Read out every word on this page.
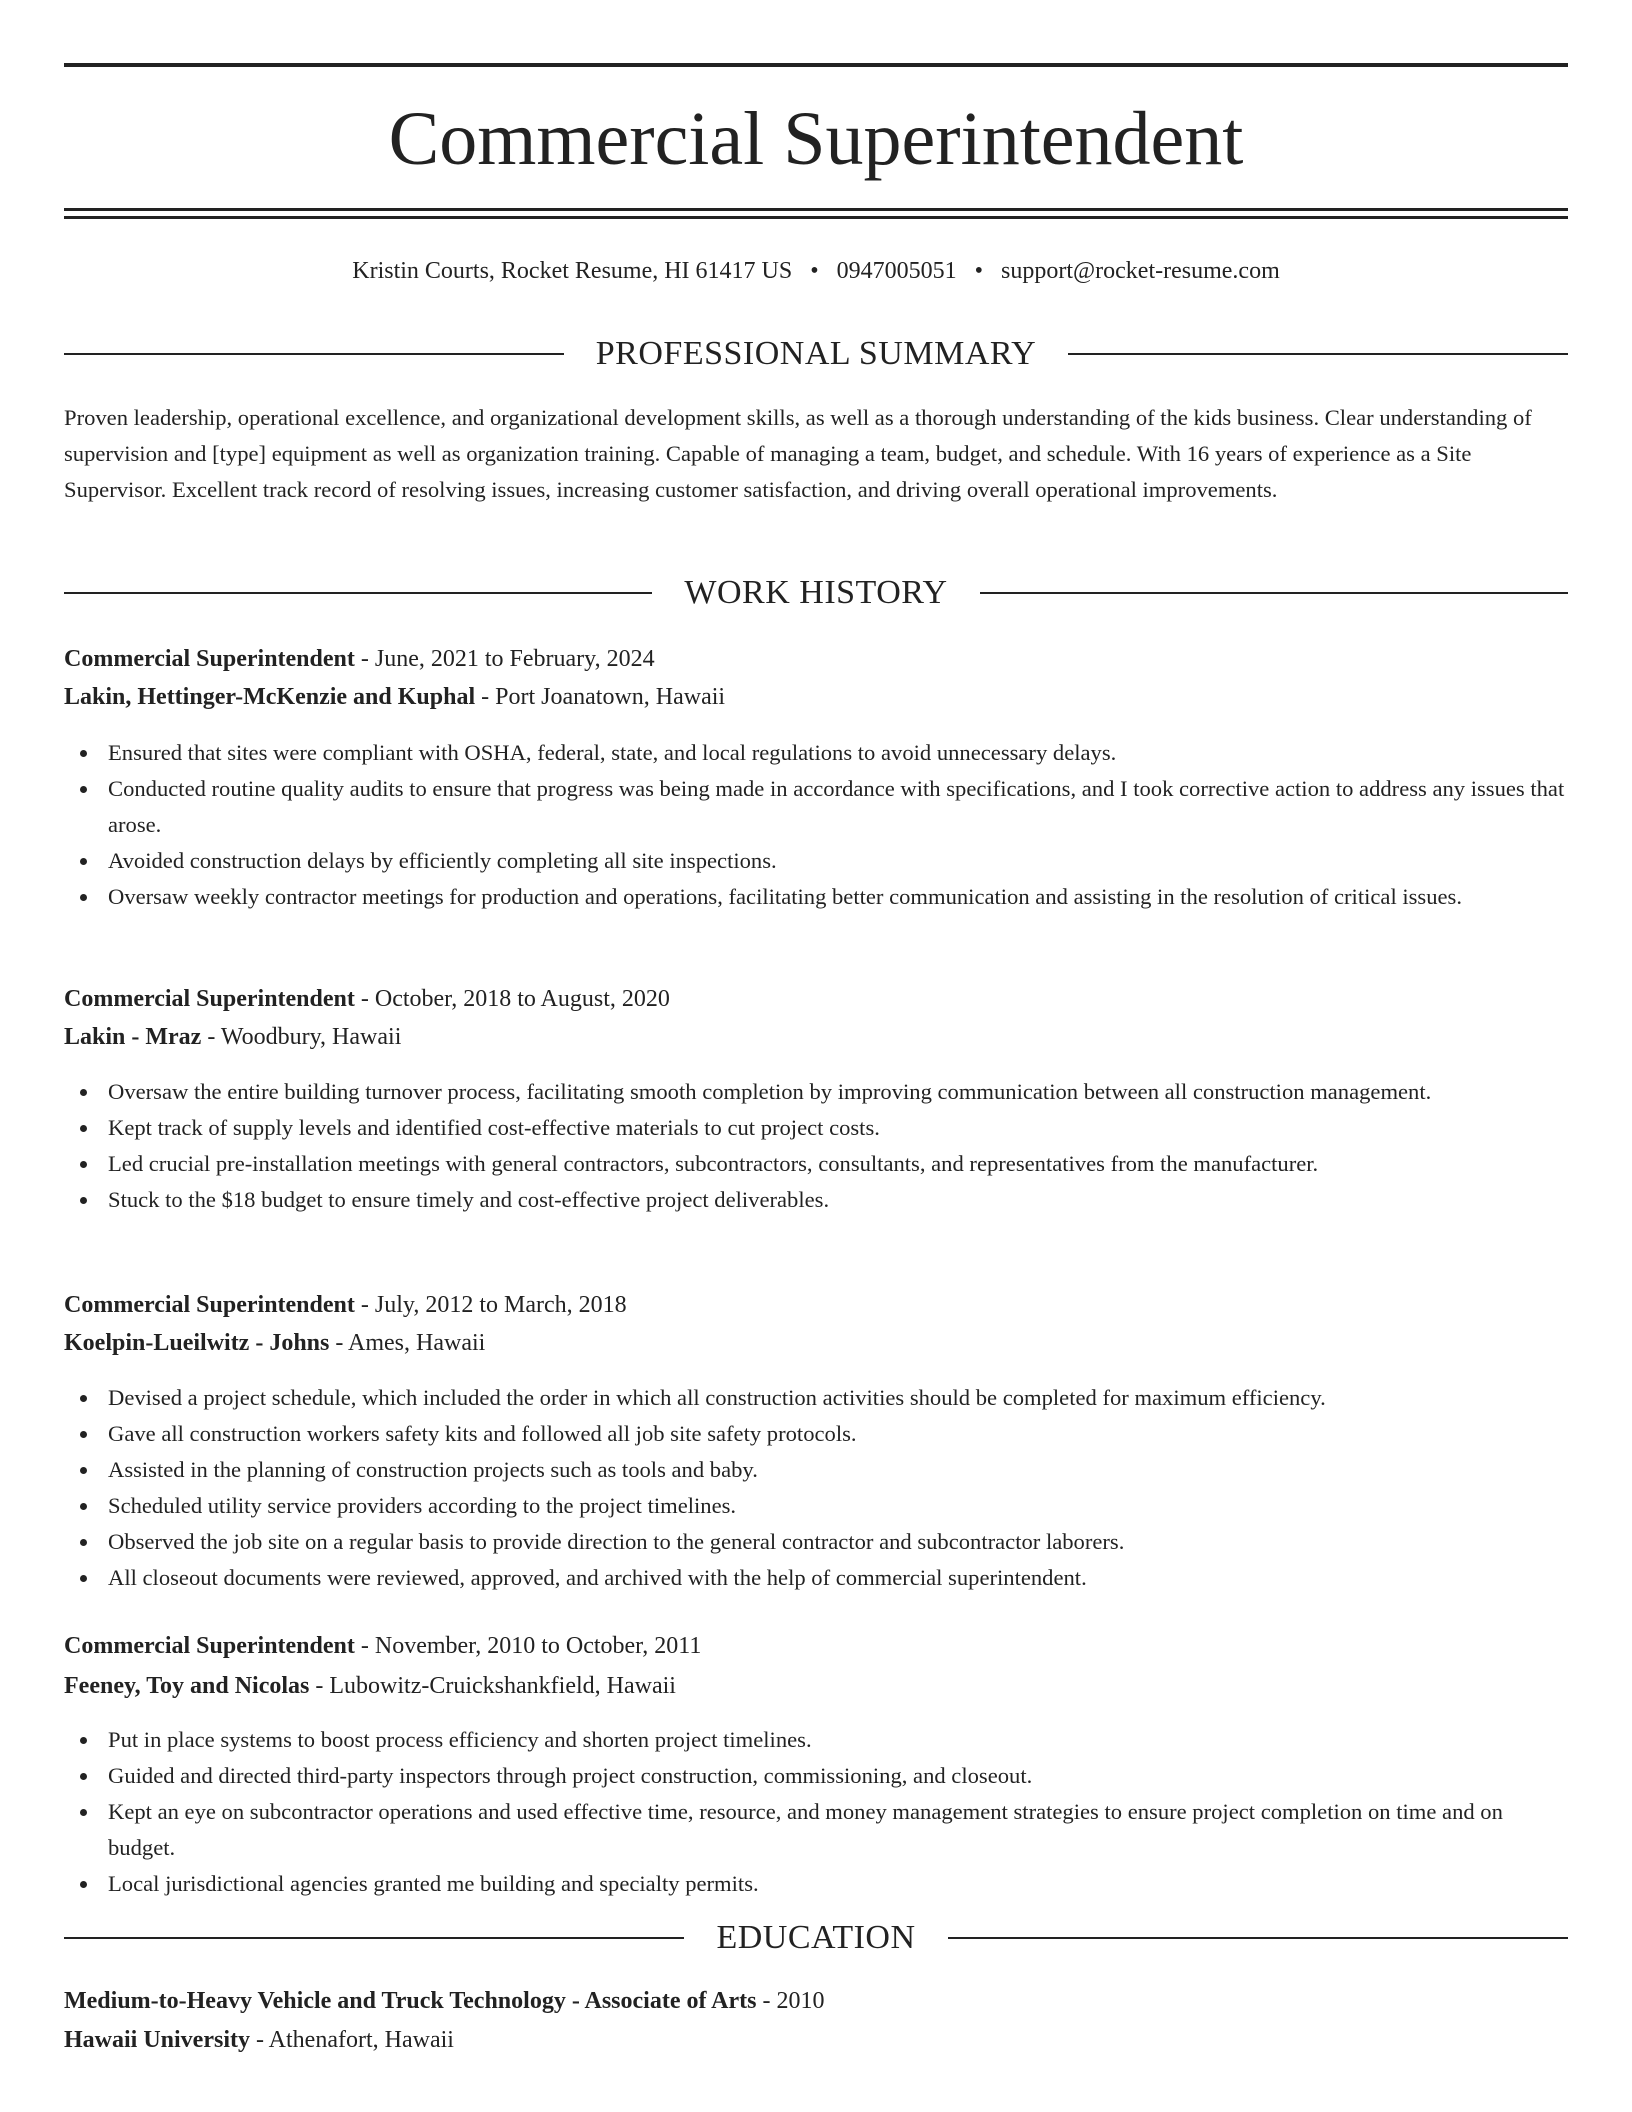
Commercial Superintendent
Kristin Courts, Rocket Resume, HI 61417 US • 0947005051 • support@rocket-resume.com
PROFESSIONAL SUMMARY
Proven leadership, operational excellence, and organizational development skills, as well as a thorough understanding of the kids business. Clear understanding of supervision and [type] equipment as well as organization training. Capable of managing a team, budget, and schedule. With 16 years of experience as a Site Supervisor. Excellent track record of resolving issues, increasing customer satisfaction, and driving overall operational improvements.
WORK HISTORY
Commercial Superintendent - June, 2021 to February, 2024
Lakin, Hettinger-McKenzie and Kuphal - Port Joanatown, Hawaii
Ensured that sites were compliant with OSHA, federal, state, and local regulations to avoid unnecessary delays.
Conducted routine quality audits to ensure that progress was being made in accordance with specifications, and I took corrective action to address any issues that arose.
Avoided construction delays by efficiently completing all site inspections.
Oversaw weekly contractor meetings for production and operations, facilitating better communication and assisting in the resolution of critical issues.
Commercial Superintendent - October, 2018 to August, 2020
Lakin - Mraz - Woodbury, Hawaii
Oversaw the entire building turnover process, facilitating smooth completion by improving communication between all construction management.
Kept track of supply levels and identified cost-effective materials to cut project costs.
Led crucial pre-installation meetings with general contractors, subcontractors, consultants, and representatives from the manufacturer.
Stuck to the $18 budget to ensure timely and cost-effective project deliverables.
Commercial Superintendent - July, 2012 to March, 2018
Koelpin-Lueilwitz - Johns - Ames, Hawaii
Devised a project schedule, which included the order in which all construction activities should be completed for maximum efficiency.
Gave all construction workers safety kits and followed all job site safety protocols.
Assisted in the planning of construction projects such as tools and baby.
Scheduled utility service providers according to the project timelines.
Observed the job site on a regular basis to provide direction to the general contractor and subcontractor laborers.
All closeout documents were reviewed, approved, and archived with the help of commercial superintendent.
Commercial Superintendent - November, 2010 to October, 2011
Feeney, Toy and Nicolas - Lubowitz-Cruickshankfield, Hawaii
Put in place systems to boost process efficiency and shorten project timelines.
Guided and directed third-party inspectors through project construction, commissioning, and closeout.
Kept an eye on subcontractor operations and used effective time, resource, and money management strategies to ensure project completion on time and on budget.
Local jurisdictional agencies granted me building and specialty permits.
EDUCATION
Medium-to-Heavy Vehicle and Truck Technology - Associate of Arts - 2010
Hawaii University - Athenafort, Hawaii
